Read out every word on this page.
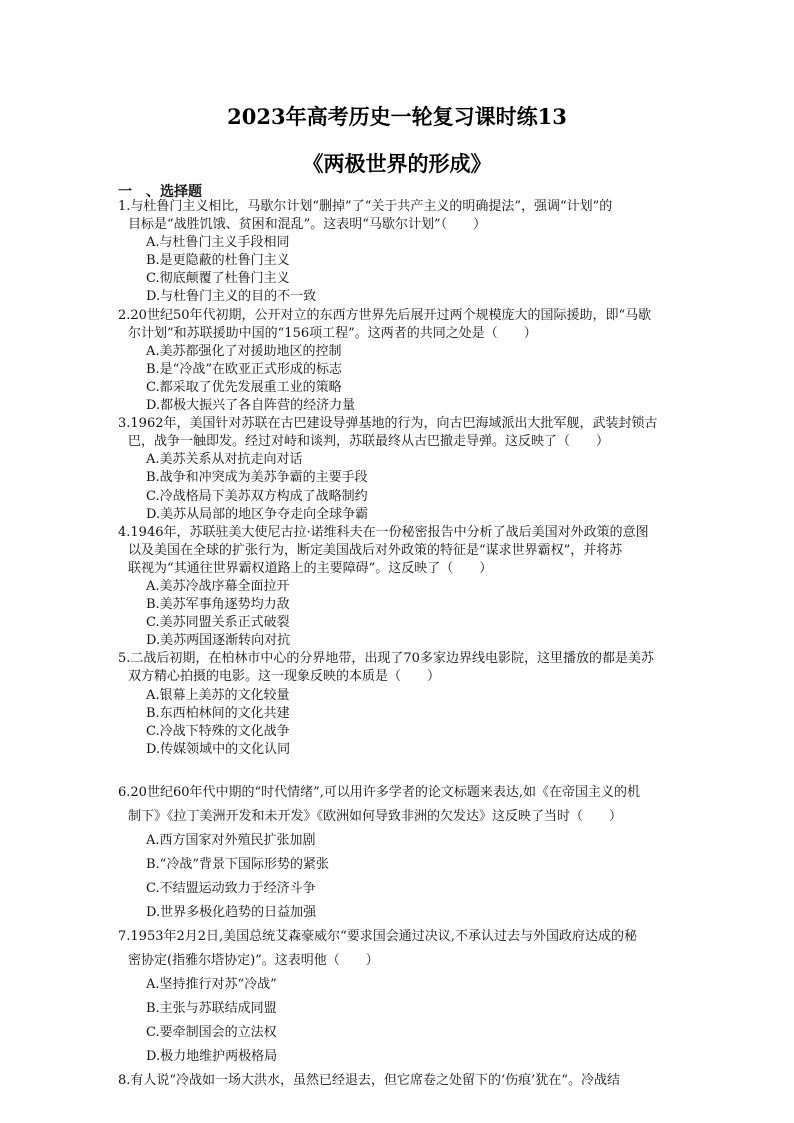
2023年高考历史一轮复习课时练13
《两极世界的形成》
一　、选择题
1.与杜鲁门主义相比，马歇尔计划“删掉”了“关于共产主义的明确提法”，强调“计划”的
目标是“战胜饥饿、贫困和混乱”。这表明“马歇尔计划”（　　）
A.与杜鲁门主义手段相同
B.是更隐蔽的杜鲁门主义
C.彻底颠覆了杜鲁门主义
D.与杜鲁门主义的目的不一致
2.20世纪50年代初期，公开对立的东西方世界先后展开过两个规模庞大的国际援助，即“马歇
尔计划”和苏联援助中国的“156项工程”。这两者的共同之处是（　　）
A.美苏都强化了对援助地区的控制
B.是“冷战”在欧亚正式形成的标志
C.都采取了优先发展重工业的策略
D.都极大振兴了各自阵营的经济力量
3.1962年，美国针对苏联在古巴建设导弹基地的行为，向古巴海域派出大批军舰，武装封锁古
巴，战争一触即发。经过对峙和谈判，苏联最终从古巴撤走导弹。这反映了（　　）
A.美苏关系从对抗走向对话
B.战争和冲突成为美苏争霸的主要手段
C.冷战格局下美苏双方构成了战略制约
D.美苏从局部的地区争夺走向全球争霸
4.1946年，苏联驻美大使尼古拉·诺维科夫在一份秘密报告中分析了战后美国对外政策的意图
以及美国在全球的扩张行为，断定美国战后对外政策的特征是“谋求世界霸权”，并将苏
联视为“其通往世界霸权道路上的主要障碍”。这反映了（　　）
A.美苏冷战序幕全面拉开
B.美苏军事角逐势均力敌
C.美苏同盟关系正式破裂
D.美苏两国逐渐转向对抗
5.二战后初期，在柏林市中心的分界地带，出现了70多家边界线电影院，这里播放的都是美苏
双方精心拍摄的电影。这一现象反映的本质是（　　）
A.银幕上美苏的文化较量
B.东西柏林间的文化共建
C.冷战下特殊的文化战争
D.传媒领域中的文化认同
6.20世纪60年代中期的“时代情绪”,可以用许多学者的论文标题来表达,如《在帝国主义的机
制下》《拉丁美洲开发和未开发》《欧洲如何导致非洲的欠发达》这反映了当时（　　）
A.西方国家对外殖民扩张加剧
B.“冷战”背景下国际形势的紧张
C.不结盟运动致力于经济斗争
D.世界多极化趋势的日益加强
7.1953年2月2日,美国总统艾森豪威尔“要求国会通过决议,不承认过去与外国政府达成的秘
密协定(指雅尔塔协定)”。这表明他（　　）
A.坚持推行对苏“冷战”
B.主张与苏联结成同盟
C.要牵制国会的立法权
D.极力地维护两极格局
8.有人说“冷战如一场大洪水，虽然已经退去，但它席卷之处留下的‘伤痕’犹在”。冷战结
